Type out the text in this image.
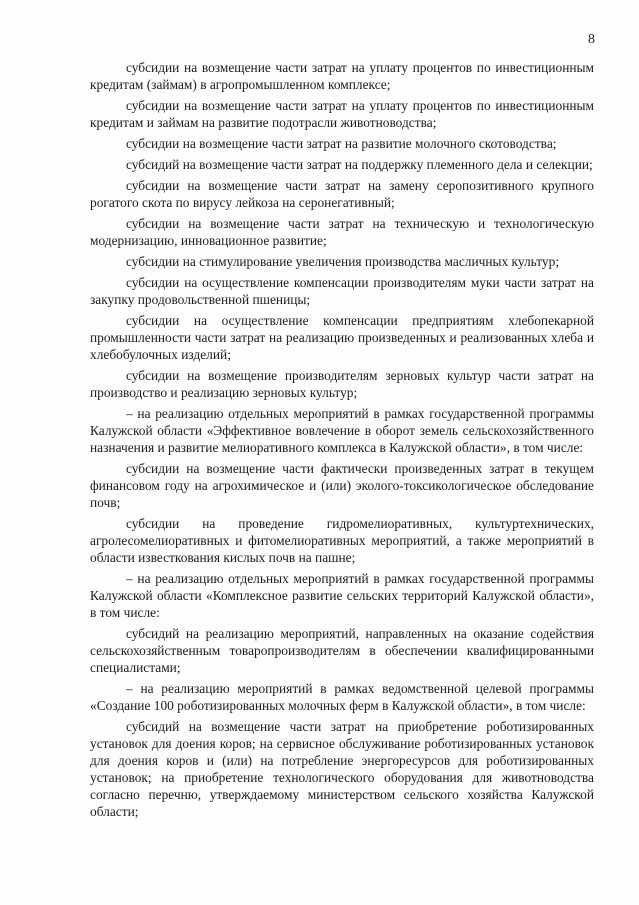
8

субсидии на возмещение части затрат на уплату процентов по инвестиционным кредитам (займам) в агропромышленном комплексе;

субсидии на возмещение части затрат на уплату процентов по инвестиционным кредитам и займам на развитие подотрасли животноводства;

субсидии на возмещение части затрат на развитие молочного скотоводства;

субсидий на возмещение части затрат на поддержку племенного дела и селекции;

субсидии на возмещение части затрат на замену серопозитивного крупного рогатого скота по вирусу лейкоза на серонегативный;

субсидии на возмещение части затрат на техническую и технологическую модернизацию, инновационное развитие;

субсидии на стимулирование увеличения производства масличных культур;

субсидии на осуществление компенсации производителям муки части затрат на закупку продовольственной пшеницы;

субсидии на осуществление компенсации предприятиям хлебопекарной промышленности части затрат на реализацию произведенных и реализованных хлеба и хлебобулочных изделий;

субсидии на возмещение производителям зерновых культур части затрат на производство и реализацию зерновых культур;

– на реализацию отдельных мероприятий в рамках государственной программы Калужской области «Эффективное вовлечение в оборот земель сельскохозяйственного назначения и развитие мелиоративного комплекса в Калужской области», в том числе:

субсидии на возмещение части фактически произведенных затрат в текущем финансовом году на агрохимическое и (или) эколого-токсикологическое обследование почв;

субсидии на проведение гидромелиоративных, культуртехнических, агролесомелиоративных и фитомелиоративных мероприятий, а также мероприятий в области известкования кислых почв на пашне;

– на реализацию отдельных мероприятий в рамках государственной программы Калужской области «Комплексное развитие сельских территорий Калужской области», в том числе:

субсидий на реализацию мероприятий, направленных на оказание содействия сельскохозяйственным товаропроизводителям в обеспечении квалифицированными специалистами;

– на реализацию мероприятий в рамках ведомственной целевой программы «Создание 100 роботизированных молочных ферм в Калужской области», в том числе:

субсидий на возмещение части затрат на приобретение роботизированных установок для доения коров; на сервисное обслуживание роботизированных установок для доения коров и (или) на потребление энергоресурсов для роботизированных установок; на приобретение технологического оборудования для животноводства согласно перечню, утверждаемому министерством сельского хозяйства Калужской области;
